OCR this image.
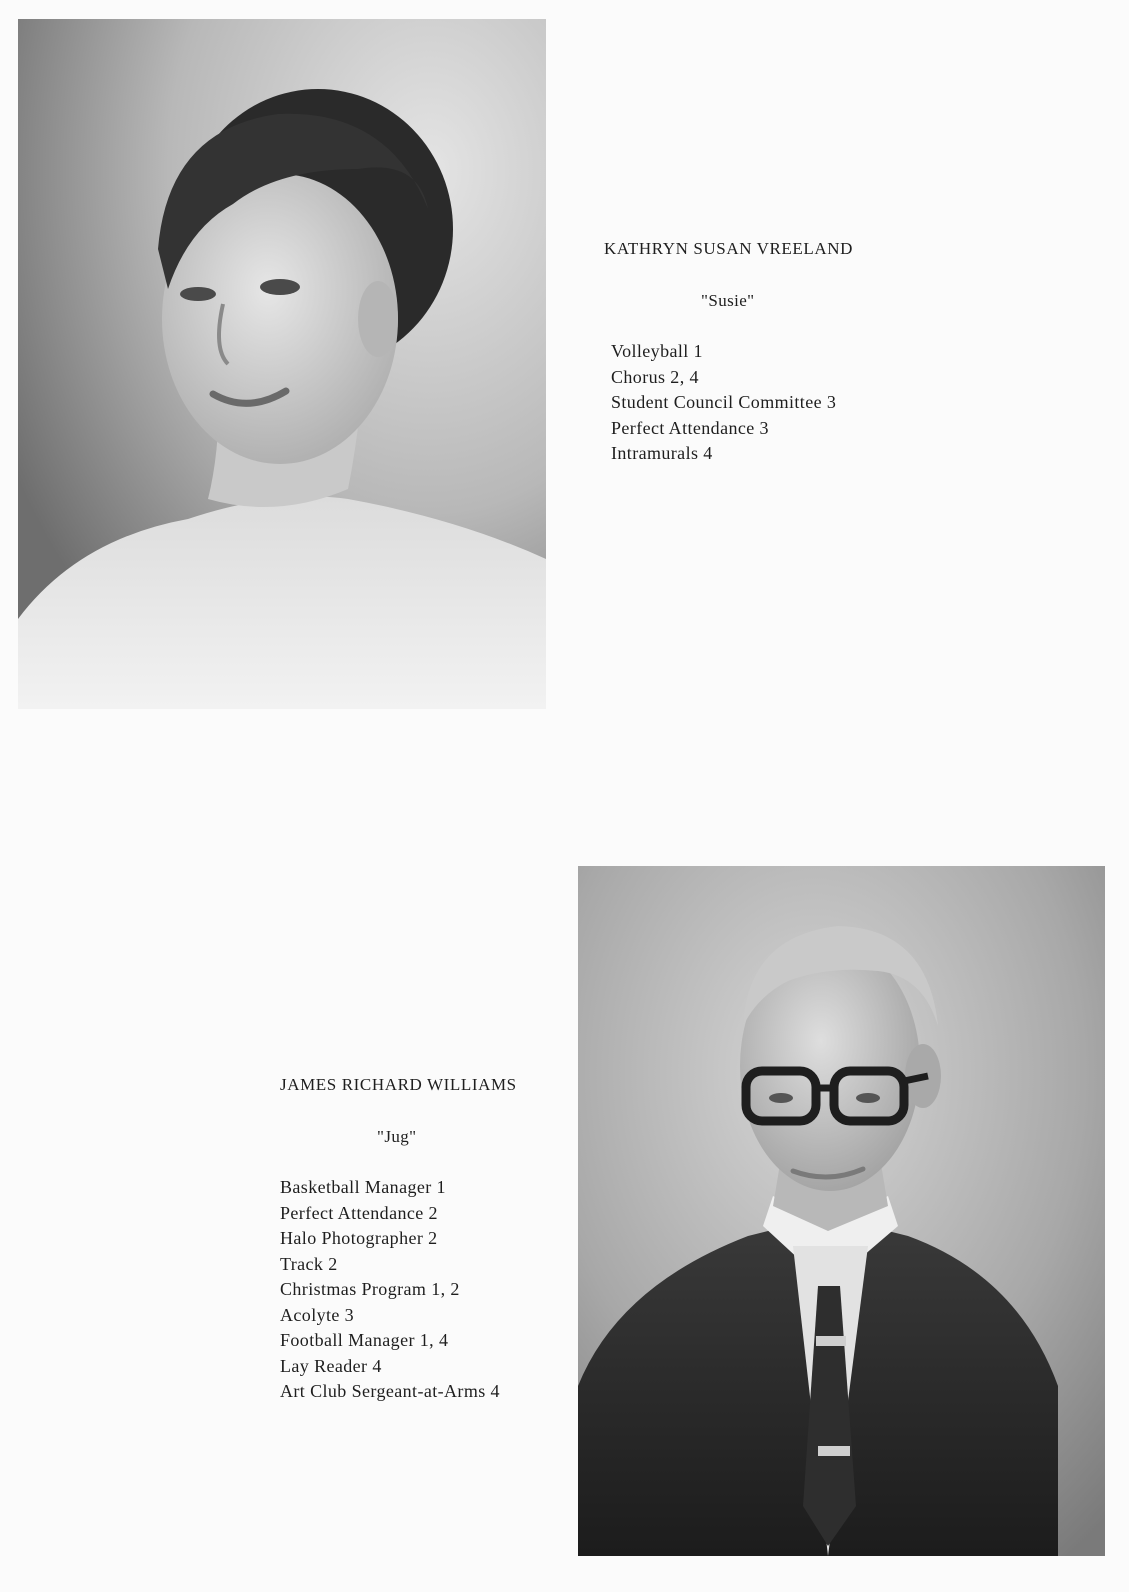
KATHRYN SUSAN VREELAND
"Susie"
Volleyball 1
Chorus 2, 4
Student Council Committee 3
Perfect Attendance 3
Intramurals 4
JAMES RICHARD WILLIAMS
"Jug"
Basketball Manager 1
Perfect Attendance 2
Halo Photographer 2
Track 2
Christmas Program 1, 2
Acolyte 3
Football Manager 1, 4
Lay Reader 4
Art Club Sergeant-at-Arms 4
